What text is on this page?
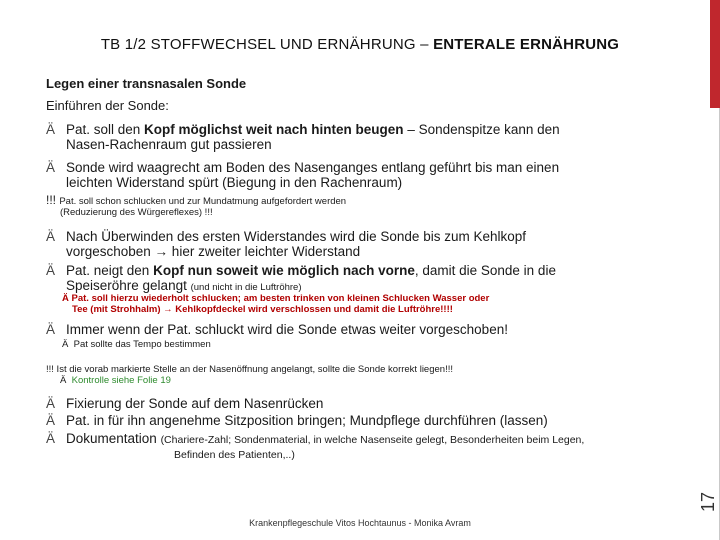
17
TB 1/2 STOFFWECHSEL UND ERNÄHRUNG – ENTERALE ERNÄHRUNG
Legen einer transnasalen Sonde
Einführen der Sonde:
Ä Pat. soll den Kopf möglichst weit nach hinten beugen – Sondenspitze kann den
Nasen-Rachenraum gut passieren
Ä Sonde wird waagrecht am Boden des Nasenganges entlang geführt bis man einen
leichten Widerstand spürt (Biegung in den Rachenraum)
!!! Pat. soll schon schlucken und zur Mundatmung aufgefordert werden
(Reduzierung des Würgereflexes) !!!
Ä Nach Überwinden des ersten Widerstandes wird die Sonde bis zum Kehlkopf
vorgeschoben → hier zweiter leichter Widerstand
Ä Pat. neigt den Kopf nun soweit wie möglich nach vorne, damit die Sonde in die
Speiseröhre gelangt (und nicht in die Luftröhre)
Ä Pat. soll hierzu wiederholt schlucken; am besten trinken von kleinen Schlucken Wasser oder
Tee (mit Strohhalm) → Kehlkopfdeckel wird verschlossen und damit die Luftröhre!!!!
Ä Immer wenn der Pat. schluckt wird die Sonde etwas weiter vorgeschoben!
Ä Pat sollte das Tempo bestimmen
!!! Ist die vorab markierte Stelle an der Nasenöffnung angelangt, sollte die Sonde korrekt liegen!!!
Ä Kontrolle siehe Folie 19
Ä Fixierung der Sonde auf dem Nasenrücken
Ä Pat. in für ihn angenehme Sitzposition bringen; Mundpflege durchführen (lassen)
Ä Dokumentation (Chariere-Zahl; Sondenmaterial, in welche Nasenseite gelegt, Besonderheiten beim Legen,
Befinden des Patienten,..)
Krankenpflegeschule Vitos Hochtaunus - Monika Avram
